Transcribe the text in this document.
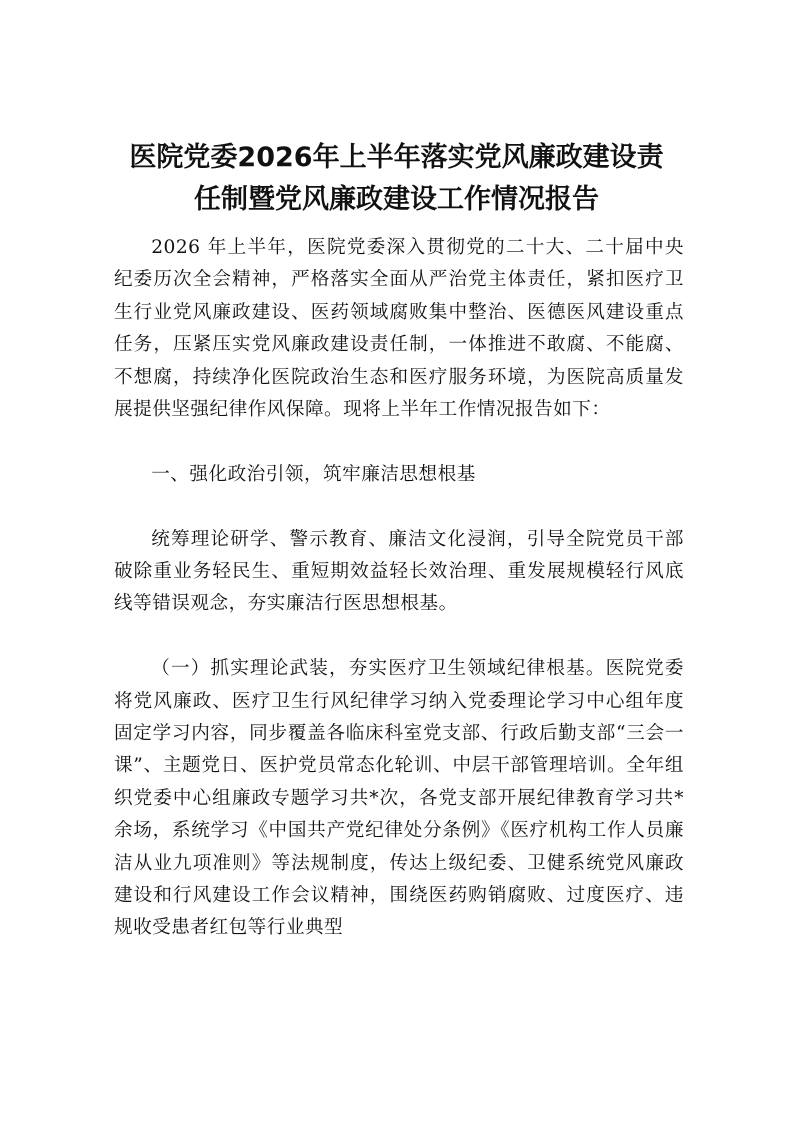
医院党委2026年上半年落实党风廉政建设责
任制暨党风廉政建设工作情况报告

2026 年上半年，医院党委深入贯彻党的二十大、二十届中央纪委历次全会精神，严格落实全面从严治党主体责任，紧扣医疗卫生行业党风廉政建设、医药领域腐败集中整治、医德医风建设重点任务，压紧压实党风廉政建设责任制，一体推进不敢腐、不能腐、不想腐，持续净化医院政治生态和医疗服务环境，为医院高质量发展提供坚强纪律作风保障。现将上半年工作情况报告如下：

一、强化政治引领，筑牢廉洁思想根基

统筹理论研学、警示教育、廉洁文化浸润，引导全院党员干部破除重业务轻民生、重短期效益轻长效治理、重发展规模轻行风底线等错误观念，夯实廉洁行医思想根基。

（一）抓实理论武装，夯实医疗卫生领域纪律根基。医院党委将党风廉政、医疗卫生行风纪律学习纳入党委理论学习中心组年度固定学习内容，同步覆盖各临床科室党支部、行政后勤支部“三会一课”、主题党日、医护党员常态化轮训、中层干部管理培训。全年组织党委中心组廉政专题学习共*次，各党支部开展纪律教育学习共*余场，系统学习《中国共产党纪律处分条例》《医疗机构工作人员廉洁从业九项准则》等法规制度，传达上级纪委、卫健系统党风廉政建设和行风建设工作会议精神，围绕医药购销腐败、过度医疗、违规收受患者红包等行业典型
